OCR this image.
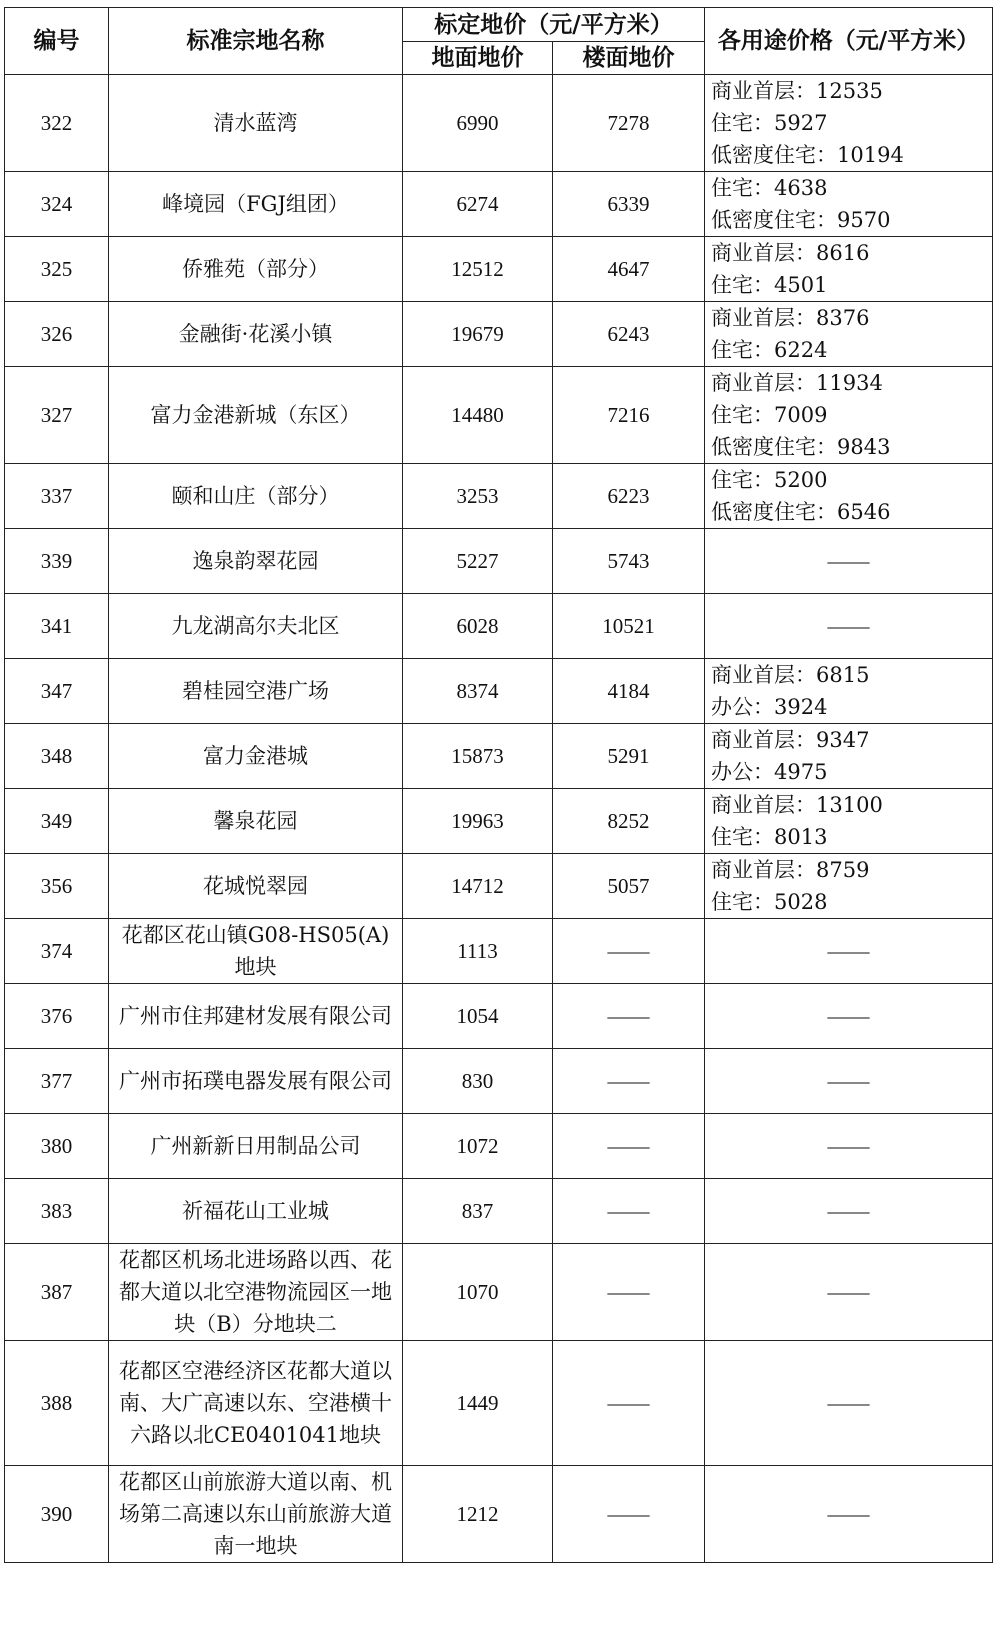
编号	标准宗地名称	标定地价（元/平方米）		各用途价格（元/平方米）
		地面地价	楼面地价	
322	清水蓝湾	6990	7278	商业首层：12535
住宅：5927
低密度住宅：10194

324	峰境园（FGJ组团）	6274	6339	住宅：4638
低密度住宅：9570

325	侨雅苑（部分）	12512	4647	商业首层：8616
住宅：4501

326	金融街·花溪小镇	19679	6243	商业首层：8376
住宅：6224

327	富力金港新城（东区）	14480	7216	商业首层：11934
住宅：7009
低密度住宅：9843

337	颐和山庄（部分）	3253	6223	住宅：5200
低密度住宅：6546

339	逸泉韵翠花园	5227	5743	——

341	九龙湖高尔夫北区	6028	10521	——

347	碧桂园空港广场	8374	4184	商业首层：6815
办公：3924

348	富力金港城	15873	5291	商业首层：9347
办公：4975

349	馨泉花园	19963	8252	商业首层：13100
住宅：8013

356	花城悦翠园	14712	5057	商业首层：8759
住宅：5028

374	花都区花山镇G08-HS05(A)地块	1113	——	——

376	广州市住邦建材发展有限公司	1054	——	——

377	广州市拓璞电器发展有限公司	830	——	——

380	广州新新日用制品公司	1072	——	——

383	祈福花山工业城	837	——	——

387	花都区机场北进场路以西、花都大道以北空港物流园区一地块（B）分地块二	1070	——	——

388	花都区空港经济区花都大道以南、大广高速以东、空港横十六路以北CE0401041地块	1449	——	——

390	花都区山前旅游大道以南、机场第二高速以东山前旅游大道南一地块	1212	——	——
